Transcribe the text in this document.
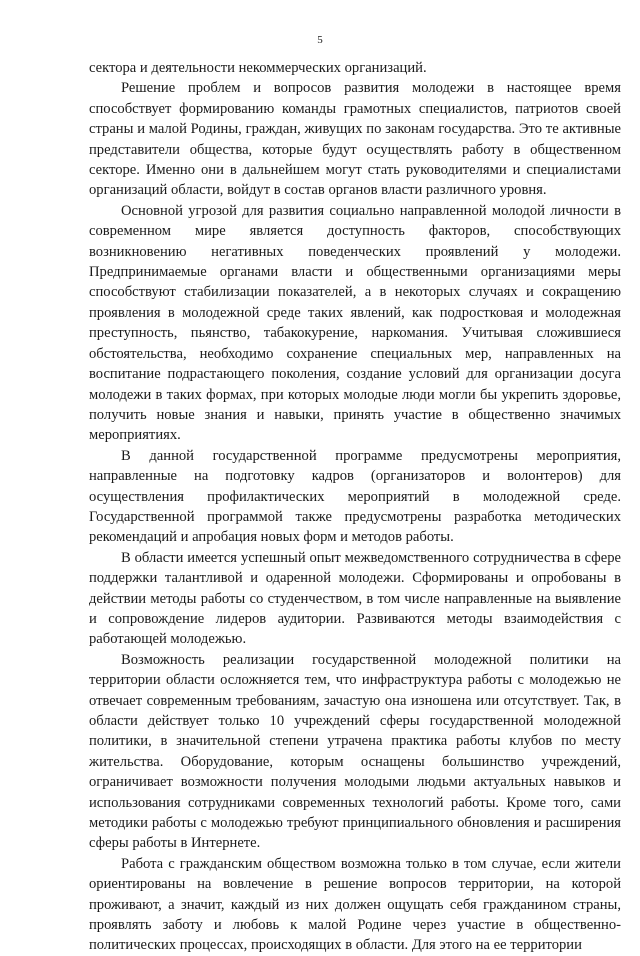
5

сектора и деятельности некоммерческих организаций.

Решение проблем и вопросов развития молодежи в настоящее время способствует формированию команды грамотных специалистов, патриотов своей страны и малой Родины, граждан, живущих по законам государства. Это те активные представители общества, которые будут осуществлять работу в общественном секторе. Именно они в дальнейшем могут стать руководителями и специалистами организаций области, войдут в состав органов власти различного уровня.

Основной угрозой для развития социально направленной молодой личности в современном мире является доступность факторов, способствующих возникновению негативных поведенческих проявлений у молодежи. Предпринимаемые органами власти и общественными организациями меры способствуют стабилизации показателей, а в некоторых случаях и сокращению проявления в молодежной среде таких явлений, как подростковая и молодежная преступность, пьянство, табакокурение, наркомания. Учитывая сложившиеся обстоятельства, необходимо сохранение специальных мер, направленных на воспитание подрастающего поколения, создание условий для организации досуга молодежи в таких формах, при которых молодые люди могли бы укрепить здоровье, получить новые знания и навыки, принять участие в общественно значимых мероприятиях.

В данной государственной программе предусмотрены мероприятия, направленные на подготовку кадров (организаторов и волонтеров) для осуществления профилактических мероприятий в молодежной среде. Государственной программой также предусмотрены разработка методических рекомендаций и апробация новых форм и методов работы.

В области имеется успешный опыт межведомственного сотрудничества в сфере поддержки талантливой и одаренной молодежи. Сформированы и опробованы в действии методы работы со студенчеством, в том числе направленные на выявление и сопровождение лидеров аудитории. Развиваются методы взаимодействия с работающей молодежью.

Возможность реализации государственной молодежной политики на территории области осложняется тем, что инфраструктура работы с молодежью не отвечает современным требованиям, зачастую она изношена или отсутствует. Так, в области действует только 10 учреждений сферы государственной молодежной политики, в значительной степени утрачена практика работы клубов по месту жительства. Оборудование, которым оснащены большинство учреждений, ограничивает возможности получения молодыми людьми актуальных навыков и использования сотрудниками современных технологий работы. Кроме того, сами методики работы с молодежью требуют принципиального обновления и расширения сферы работы в Интернете.

Работа с гражданским обществом возможна только в том случае, если жители ориентированы на вовлечение в решение вопросов территории, на которой проживают, а значит, каждый из них должен ощущать себя гражданином страны, проявлять заботу и любовь к малой Родине через участие в общественно-политических процессах, происходящих в области. Для этого на ее территории
